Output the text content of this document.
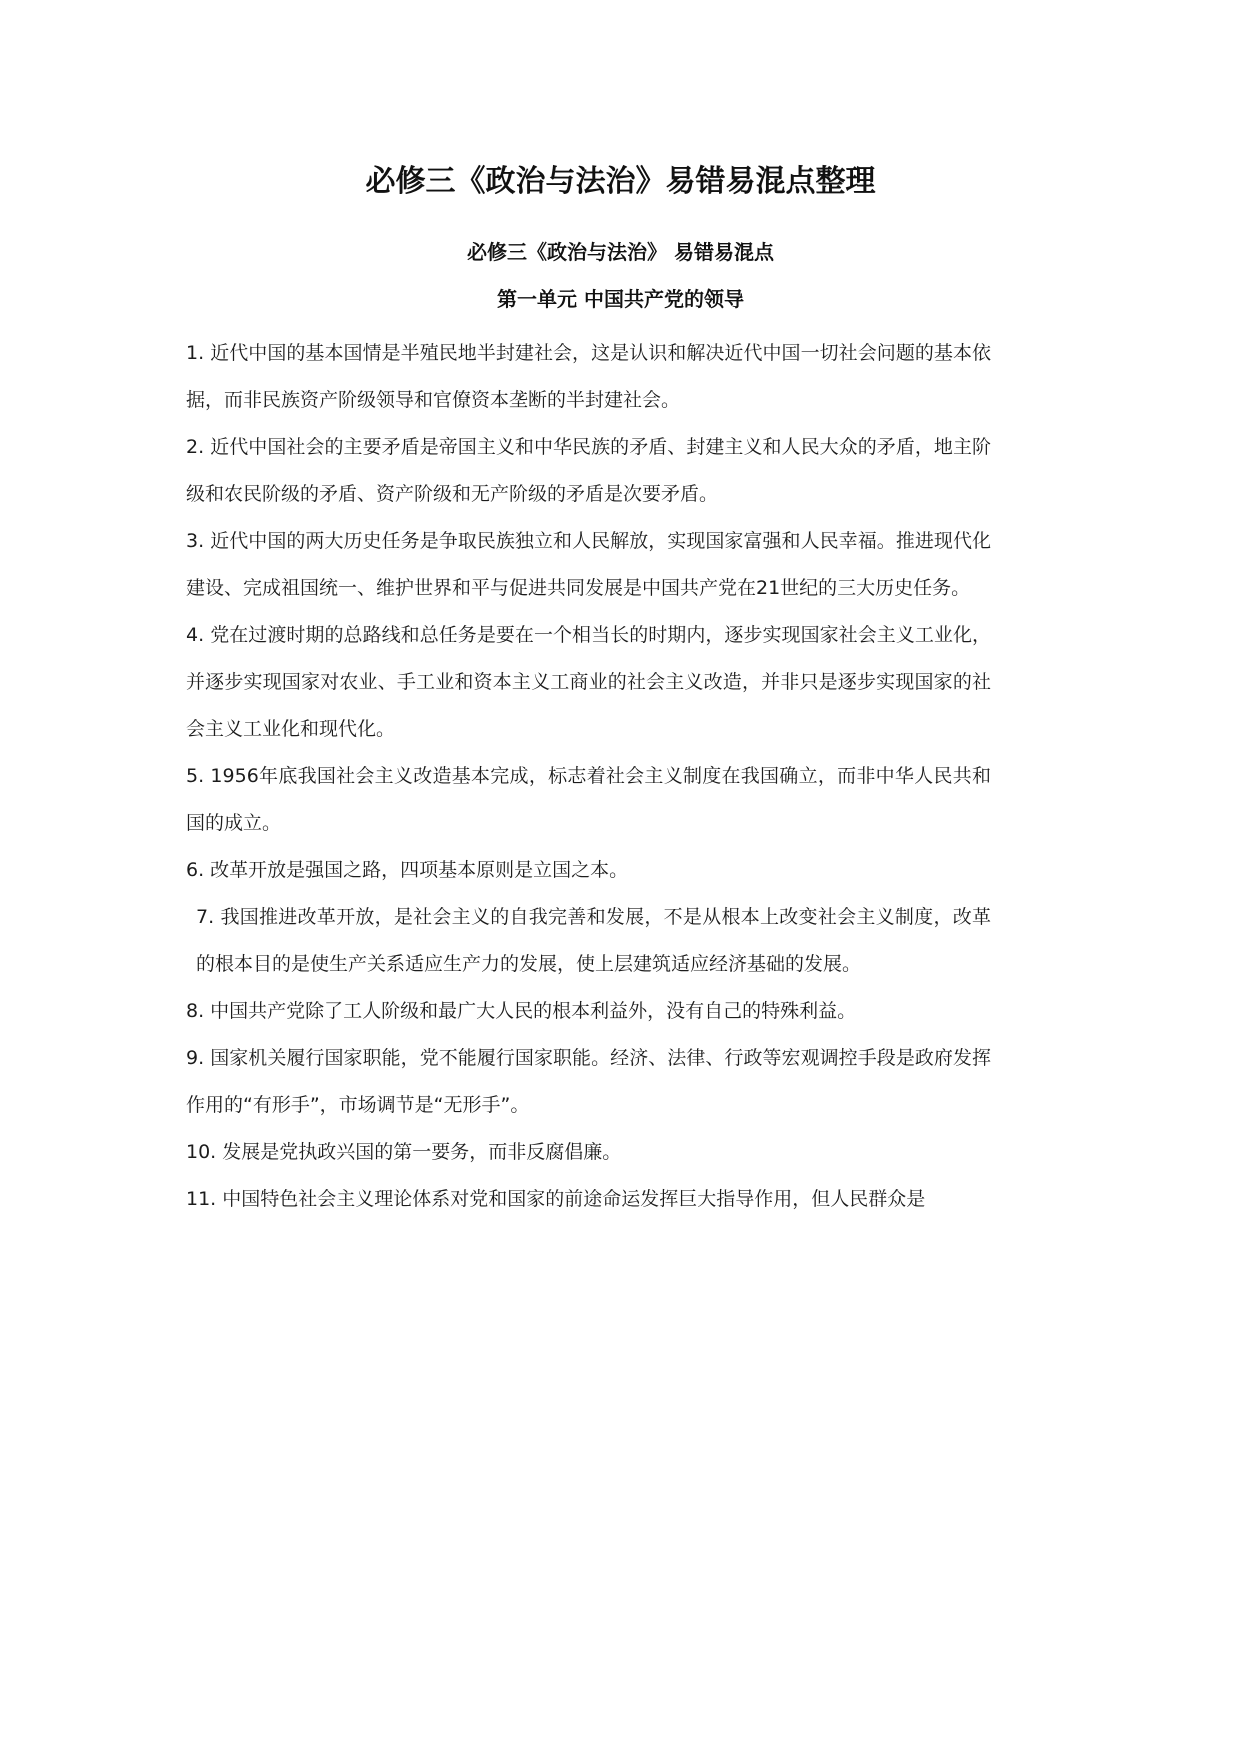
必修三《政治与法治》易错易混点整理
必修三《政治与法治》 易错易混点
第一单元 中国共产党的领导
1. 近代中国的基本国情是半殖民地半封建社会，这是认识和解决近代中国一切社会问题的基本依据，而非民族资产阶级领导和官僚资本垄断的半封建社会。
2. 近代中国社会的主要矛盾是帝国主义和中华民族的矛盾、封建主义和人民大众的矛盾，地主阶级和农民阶级的矛盾、资产阶级和无产阶级的矛盾是次要矛盾。
3. 近代中国的两大历史任务是争取民族独立和人民解放，实现国家富强和人民幸福。推进现代化建设、完成祖国统一、维护世界和平与促进共同发展是中国共产党在21世纪的三大历史任务。
4. 党在过渡时期的总路线和总任务是要在一个相当长的时期内，逐步实现国家社会主义工业化，并逐步实现国家对农业、手工业和资本主义工商业的社会主义改造，并非只是逐步实现国家的社会主义工业化和现代化。
5. 1956年底我国社会主义改造基本完成，标志着社会主义制度在我国确立，而非中华人民共和国的成立。
6. 改革开放是强国之路，四项基本原则是立国之本。
7. 我国推进改革开放，是社会主义的自我完善和发展，不是从根本上改变社会主义制度，改革的根本目的是使生产关系适应生产力的发展，使上层建筑适应经济基础的发展。
8. 中国共产党除了工人阶级和最广大人民的根本利益外，没有自己的特殊利益。
9. 国家机关履行国家职能，党不能履行国家职能。经济、法律、行政等宏观调控手段是政府发挥作用的“有形手”，市场调节是“无形手”。
10. 发展是党执政兴国的第一要务，而非反腐倡廉。
11. 中国特色社会主义理论体系对党和国家的前途命运发挥巨大指导作用，但人民群众是
